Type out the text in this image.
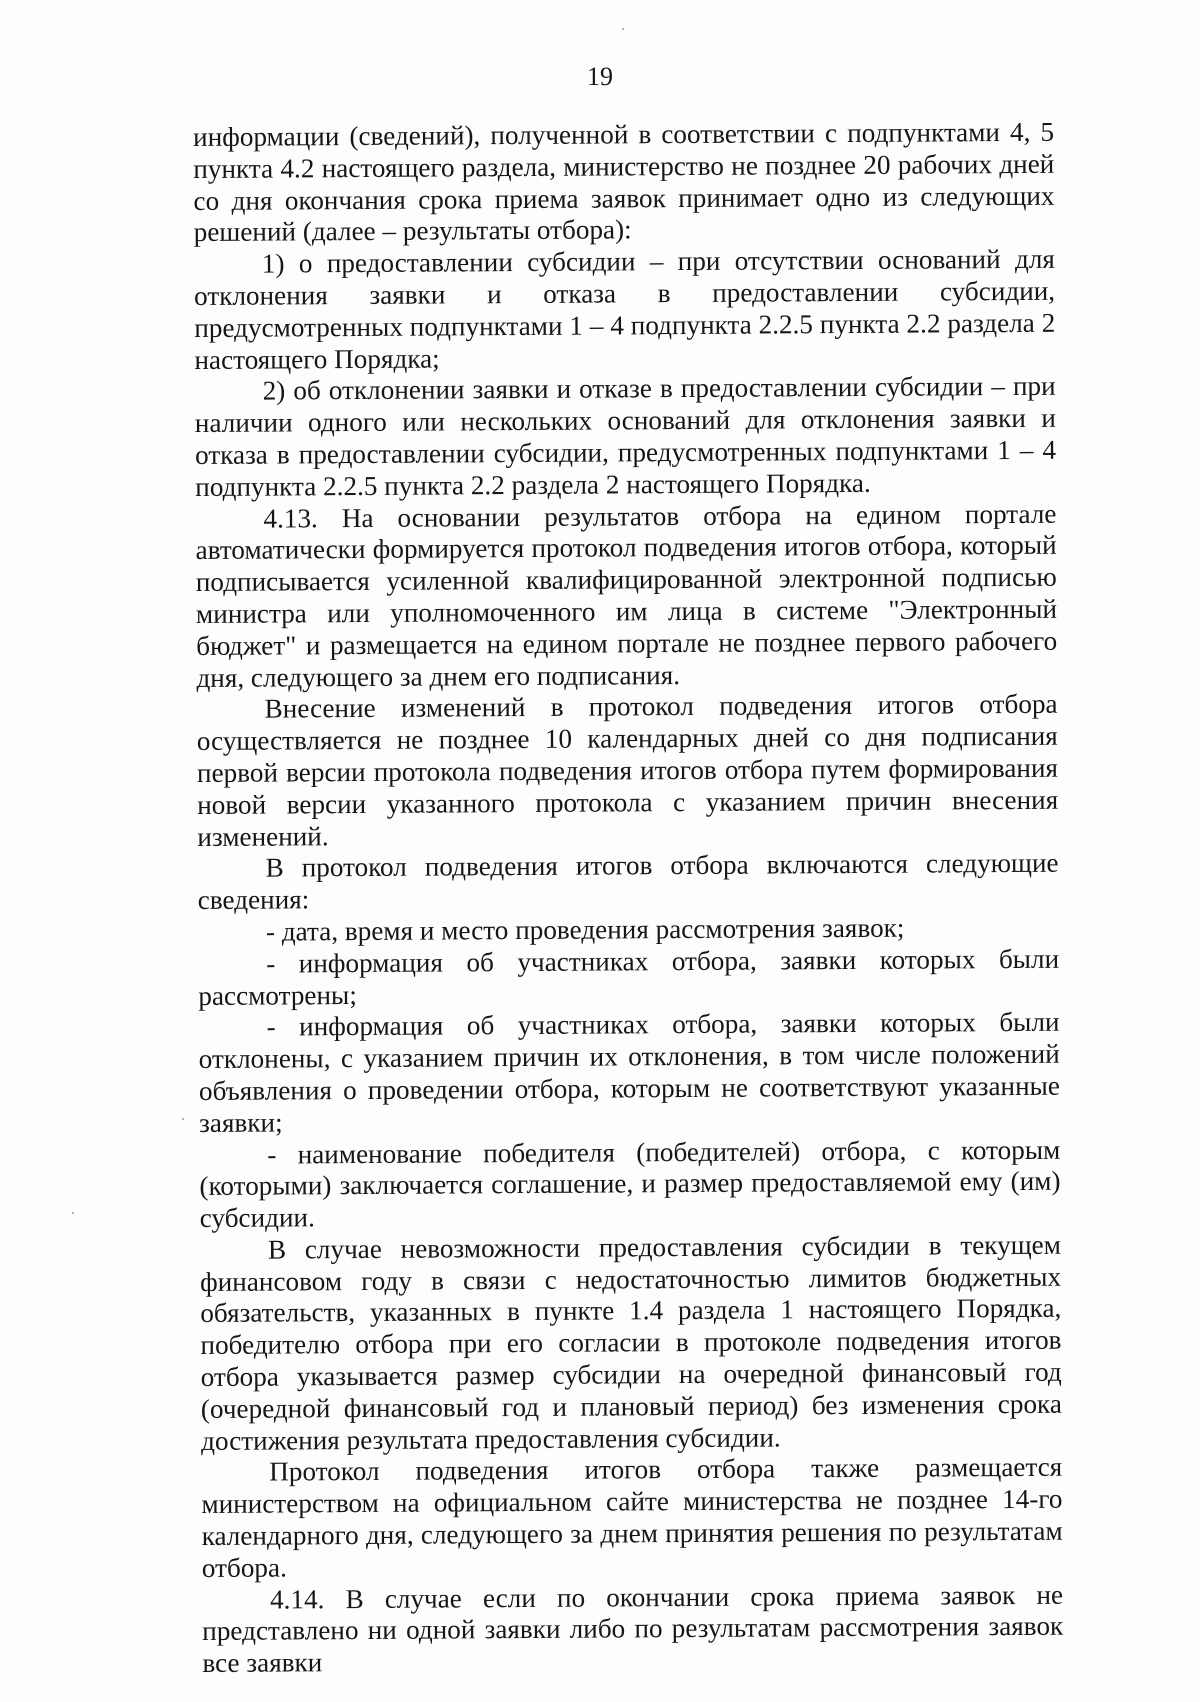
19

информации (сведений), полученной в соответствии с подпунктами 4, 5 пункта 4.2 настоящего раздела, министерство не позднее 20 рабочих дней со дня окончания срока приема заявок принимает одно из следующих решений (далее – результаты отбора):

1) о предоставлении субсидии – при отсутствии оснований для отклонения заявки и отказа в предоставлении субсидии, предусмотренных подпунктами 1 – 4 подпункта 2.2.5 пункта 2.2 раздела 2 настоящего Порядка;

2) об отклонении заявки и отказе в предоставлении субсидии – при наличии одного или нескольких оснований для отклонения заявки и отказа в предоставлении субсидии, предусмотренных подпунктами 1 – 4 подпункта 2.2.5 пункта 2.2 раздела 2 настоящего Порядка.

4.13. На основании результатов отбора на едином портале автоматически формируется протокол подведения итогов отбора, который подписывается усиленной квалифицированной электронной подписью министра или уполномоченного им лица в системе "Электронный бюджет" и размещается на едином портале не позднее первого рабочего дня, следующего за днем его подписания.

Внесение изменений в протокол подведения итогов отбора осуществляется не позднее 10 календарных дней со дня подписания первой версии протокола подведения итогов отбора путем формирования новой версии указанного протокола с указанием причин внесения изменений.

В протокол подведения итогов отбора включаются следующие сведения:

- дата, время и место проведения рассмотрения заявок;

- информация об участниках отбора, заявки которых были рассмотрены;

- информация об участниках отбора, заявки которых были отклонены, с указанием причин их отклонения, в том числе положений объявления о проведении отбора, которым не соответствуют указанные заявки;

- наименование победителя (победителей) отбора, с которым (которыми) заключается соглашение, и размер предоставляемой ему (им) субсидии.

В случае невозможности предоставления субсидии в текущем финансовом году в связи с недостаточностью лимитов бюджетных обязательств, указанных в пункте 1.4 раздела 1 настоящего Порядка, победителю отбора при его согласии в протоколе подведения итогов отбора указывается размер субсидии на очередной финансовый год (очередной финансовый год и плановый период) без изменения срока достижения результата предоставления субсидии.

Протокол подведения итогов отбора также размещается министерством на официальном сайте министерства не позднее 14-го календарного дня, следующего за днем принятия решения по результатам отбора.

4.14. В случае если по окончании срока приема заявок не представлено ни одной заявки либо по результатам рассмотрения заявок все заявки
